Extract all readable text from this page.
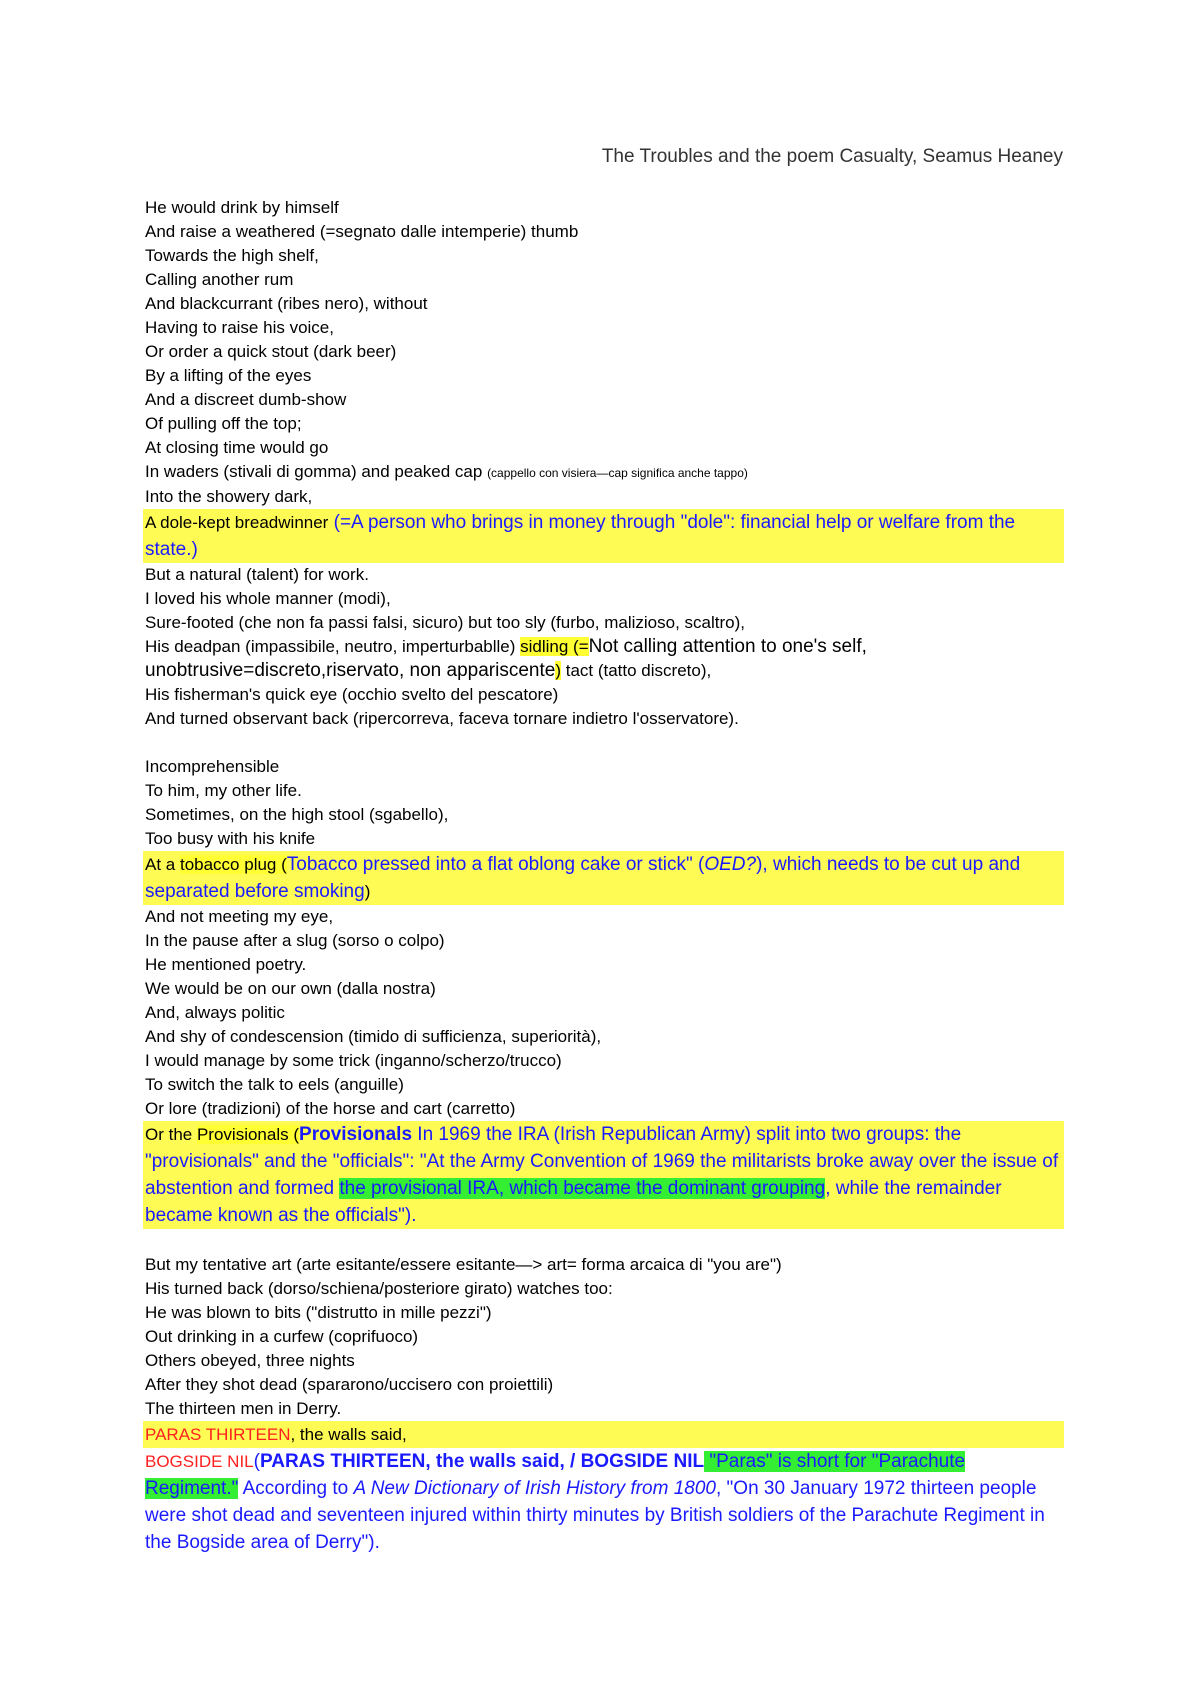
The Troubles and the poem Casualty, Seamus Heaney
He would drink by himself
And raise a weathered (=segnato dalle intemperie) thumb
Towards the high shelf,
Calling another rum
And blackcurrant (ribes nero), without
Having to raise his voice,
Or order a quick stout (dark beer)
By a lifting of the eyes
And a discreet dumb-show
Of pulling off the top;
At closing time would go
In waders (stivali di gomma) and peaked cap (cappello con visiera—cap significa anche tappo)
Into the showery dark,
A dole-kept breadwinner (=A person who brings in money through "dole": financial help or welfare from the state.)
But a natural (talent) for work.
I loved his whole manner (modi),
Sure-footed (che non fa passi falsi, sicuro) but too sly (furbo, malizioso, scaltro),
His deadpan (impassibile, neutro, imperturbablle) sidling (=Not calling attention to one's self,
unobtrusive=discreto,riservato, non appariscente) tact (tatto discreto),
His fisherman's quick eye (occhio svelto del pescatore)
And turned observant back (ripercorreva, faceva tornare indietro l'osservatore).
Incomprehensible
To him, my other life.
Sometimes, on the high stool (sgabello),
Too busy with his knife
At a tobacco plug (Tobacco pressed into a flat oblong cake or stick" (OED?), which needs to be cut up and separated before smoking)
And not meeting my eye,
In the pause after a slug (sorso o colpo)
He mentioned poetry.
We would be on our own (dalla nostra)
And, always politic
And shy of condescension (timido di sufficienza, superiorità),
I would manage by some trick (inganno/scherzo/trucco)
To switch the talk to eels (anguille)
Or lore (tradizioni) of the horse and cart (carretto)
Or the Provisionals (Provisionals In 1969 the IRA (Irish Republican Army) split into two groups: the "provisionals" and the "officials": "At the Army Convention of 1969 the militarists broke away over the issue of abstention and formed the provisional IRA, which became the dominant grouping, while the remainder became known as the officials").
But my tentative art (arte esitante/essere esitante—> art= forma arcaica di "you are")
His turned back (dorso/schiena/posteriore girato) watches too:
He was blown to bits ("distrutto in mille pezzi")
Out drinking in a curfew (coprifuoco)
Others obeyed, three nights
After they shot dead (spararono/uccisero con proiettili)
The thirteen men in Derry.
PARAS THIRTEEN, the walls said,
BOGSIDE NIL(PARAS THIRTEEN, the walls said, / BOGSIDE NIL "Paras" is short for "Parachute Regiment." According to A New Dictionary of Irish History from 1800, "On 30 January 1972 thirteen people were shot dead and seventeen injured within thirty minutes by British soldiers of the Parachute Regiment in the Bogside area of Derry").
